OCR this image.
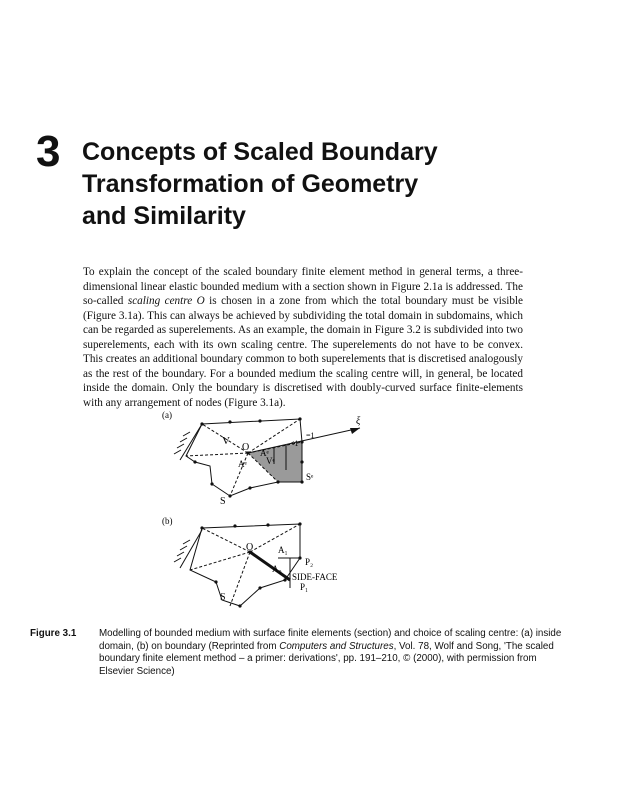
3 Concepts of Scaled Boundary
Transformation of Geometry
and Similarity

To explain the concept of the scaled boundary finite element method in general terms, a three-dimensional linear elastic bounded medium with a section shown in Figure 2.1a is addressed. The so-called scaling centre O is chosen in a zone from which the total boundary must be visible (Figure 3.1a). This can always be achieved by subdividing the total domain in subdomains, which can be regarded as superelements. As an example, the domain in Figure 3.2 is subdivided into two superelements, each with its own scaling centre. The superelements do not have to be convex. This creates an additional boundary common to both superelements that is discretised analogously as the rest of the boundary. For a bounded medium the scaling centre will, in general, be located inside the domain. Only the boundary is discretised with doubly-curved surface finite-elements with any arrangement of nodes (Figure 3.1a).

(a)
V
O Aᵉ
Aᵉ Vᵉ
Sᵉ
S
ξ
=1
<1
(b)
O	A₁
A₀
P₂
P₁
SIDE-FACE
S
Figure 3.1 Modelling of bounded medium with surface finite elements (section) and choice of scaling centre: (a) inside domain, (b) on boundary (Reprinted from Computers and Structures, Vol. 78, Wolf and Song, 'The scaled boundary finite element method – a primer: derivations', pp. 191–210, © (2000), with permission from Elsevier Science)
